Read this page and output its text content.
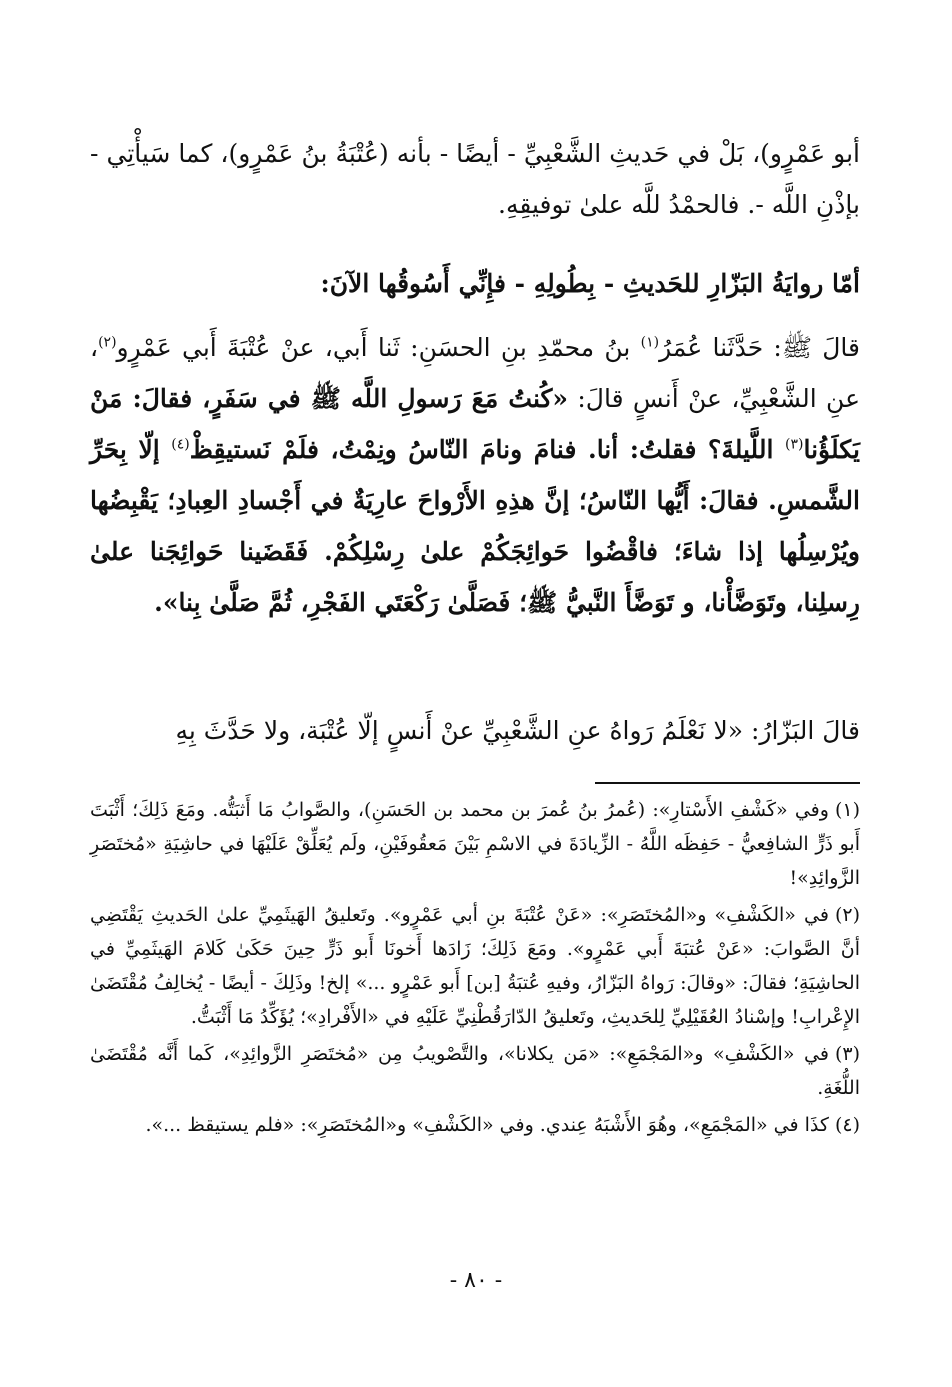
أبو عَمْرٍو)، بَلْ في حَديثِ الشَّعْبِيِّ - أيضًا - بأنه (عُتْبَةُ بنُ عَمْرٍو)، كما سَيأْتِي - بإذْنِ اللَّه -. فالحمْدُ للَّه علىٰ توفيقِهِ.

أمّا روايَةُ البَزّارِ للحَديثِ - بِطُولِهِ - فإِنِّي أَسُوقُها الآنَ:

قالَ ﷺ: حَدَّثَنا عُمَرُ$^{(١)}$ بنُ محمّدِ بنِ الحسَنِ: ثَنا أَبي، عنْ عُتْبَةَ أَبي عَمْرٍو$^{(٢)}$، عنِ الشَّعْبِيِّ، عنْ أَنسٍ قالَ: «كُنتُ مَعَ رَسولِ اللَّه ﷺ في سَفَرٍ، فقالَ: مَنْ يَكلَؤُنا$^{(٣)}$ اللَّيلةَ؟ فقلتُ: أنا. فنامَ ونامَ النّاسُ ونِمْتُ، فلَمْ نَستيقِظْ$^{(٤)}$ إلّا بِحَرِّ الشَّمسِ. فقالَ: أَيُّها النّاسُ؛ إنَّ هذِهِ الأَرْواحَ عارِيَةٌ في أَجْسادِ العِبادِ؛ يَقْبِضُها ويُرْسِلُها إذا شاءَ؛ فاقْضُوا حَوائِجَكُمْ علىٰ رِسْلِكُمْ. فَقَضَينا حَوائِجَنا علىٰ رِسلِنا، وتَوَضَّأْنا، و تَوَضَّأَ النَّبيُّ ﷺ؛ فَصَلَّىٰ رَكْعَتَي الفَجْرِ، ثُمَّ صَلَّىٰ بِنا».

قالَ البَزّارُ: «لا نَعْلَمُ رَواهُ عنِ الشَّعْبِيِّ عنْ أَنسٍ إلّا عُتْبَة، ولا حَدَّثَ بِهِ

(١)وفي «كَشْفِ الأَسْتارِ»: (عُمرُ بنُ عُمرَ بن محمد بن الحَسَنِ)، والصَّوابُ مَا أَثبَتُّه. ومَعَ ذَلِكَ؛ أَثْبَتَ أَبو ذَرٍّ الشافِعيُّ - حَفِظَه اللَّهُ - الزِّيادَةَ في الاسْمِ بَيْنَ مَعقُوفَيْنِ، ولَم يُعَلِّقْ عَلَيْهَا في حاشِيَةِ «مُختَصَرِ الزَّوائِدِ»!

(٢)في «الكَشْفِ» و«المُختَصَرِ»: «عَنْ عُتْبَةَ بنِ أبي عَمْرٍو». وتَعليقُ الهَيثَمِيِّ علىٰ الحَديثِ يَقْتَضِي أنَّ الصَّوابَ: «عَنْ عُتبَةَ أَبي عَمْرٍو». ومَعَ ذَلِكَ؛ زَادَها أَخونَا أَبو ذَرٍّ حِينَ حَكَىٰ كَلامَ الهَيثَمِيِّ في الحاشِيَةِ؛ فقالَ: «وقالَ: رَواهُ البَزّارُ، وفيهِ عُتبَةُ [بن] أَبو عَمْرٍو ...» إلخ! وذَلِكَ - أيضًا - يُخالِفُ مُقْتَضَىٰ الإِعْرابِ! وإسْنادُ العُقَيْلِيِّ لِلحَديثِ، وتَعليقُ الدّارَقُطْنِيِّ عَلَيْهِ في «الأَفْرادِ»؛ يُؤَكِّدُ مَا أَثْبَتُّ.

(٣)في «الكَشْفِ» و«المَجْمَعِ»: «مَن يكلانا»، والتَّصْويبُ مِن «مُختَصَرِ الزَّوائِدِ»، كَما أَنَّه مُقْتَضَىٰ اللُّغَةِ.

(٤)كذَا في «المَجْمَعِ»، وهُوَ الأَشْبَهُ عِندي. وفي «الكَشْفِ» و«المُختَصَرِ»: «فلم يستيقظ ...».

- ٨٠ -
